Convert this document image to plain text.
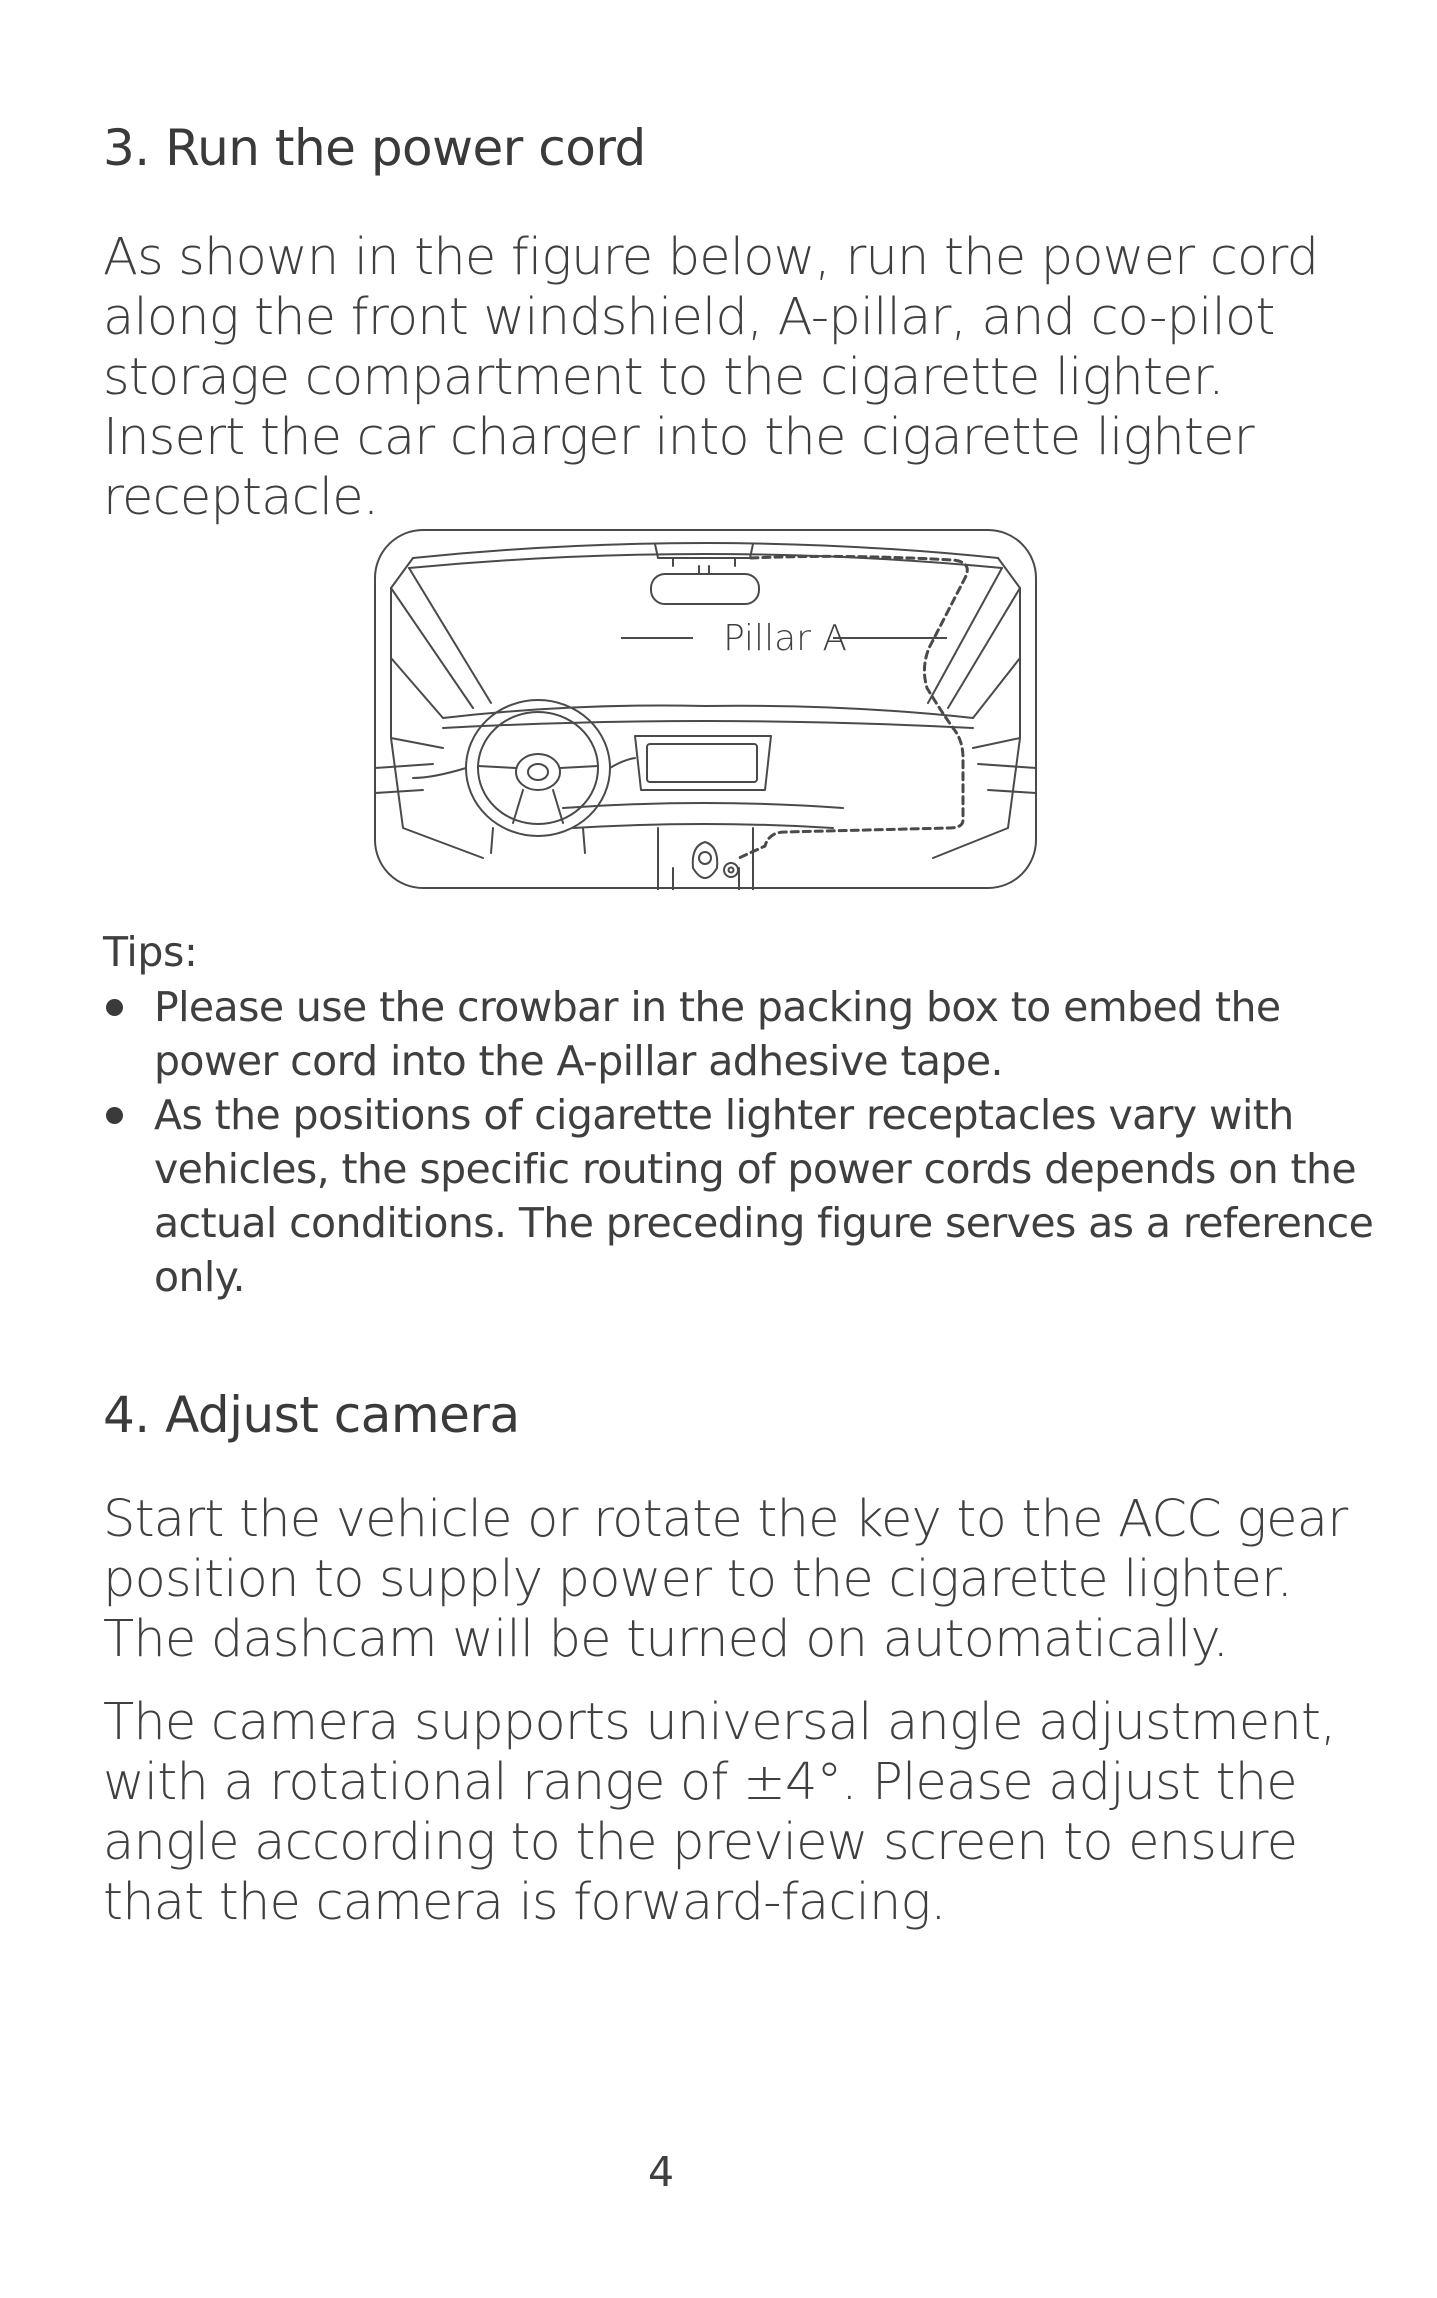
3. Run the power cord

As shown in the figure below, run the power cord along the front windshield, A-pillar, and co-pilot storage compartment to the cigarette lighter. Insert the car charger into the cigarette lighter receptacle.

Pillar A

Tips:

Please use the crowbar in the packing box to embed the power cord into the A-pillar adhesive tape.
As the positions of cigarette lighter receptacles vary with vehicles, the specific routing of power cords depends on the actual conditions. The preceding figure serves as a reference only.
4. Adjust camera

Start the vehicle or rotate the key to the ACC gear position to supply power to the cigarette lighter. The dashcam will be turned on automatically.

The camera supports universal angle adjustment, with a rotational range of ±4°. Please adjust the angle according to the preview screen to ensure that the camera is forward-facing.

4
